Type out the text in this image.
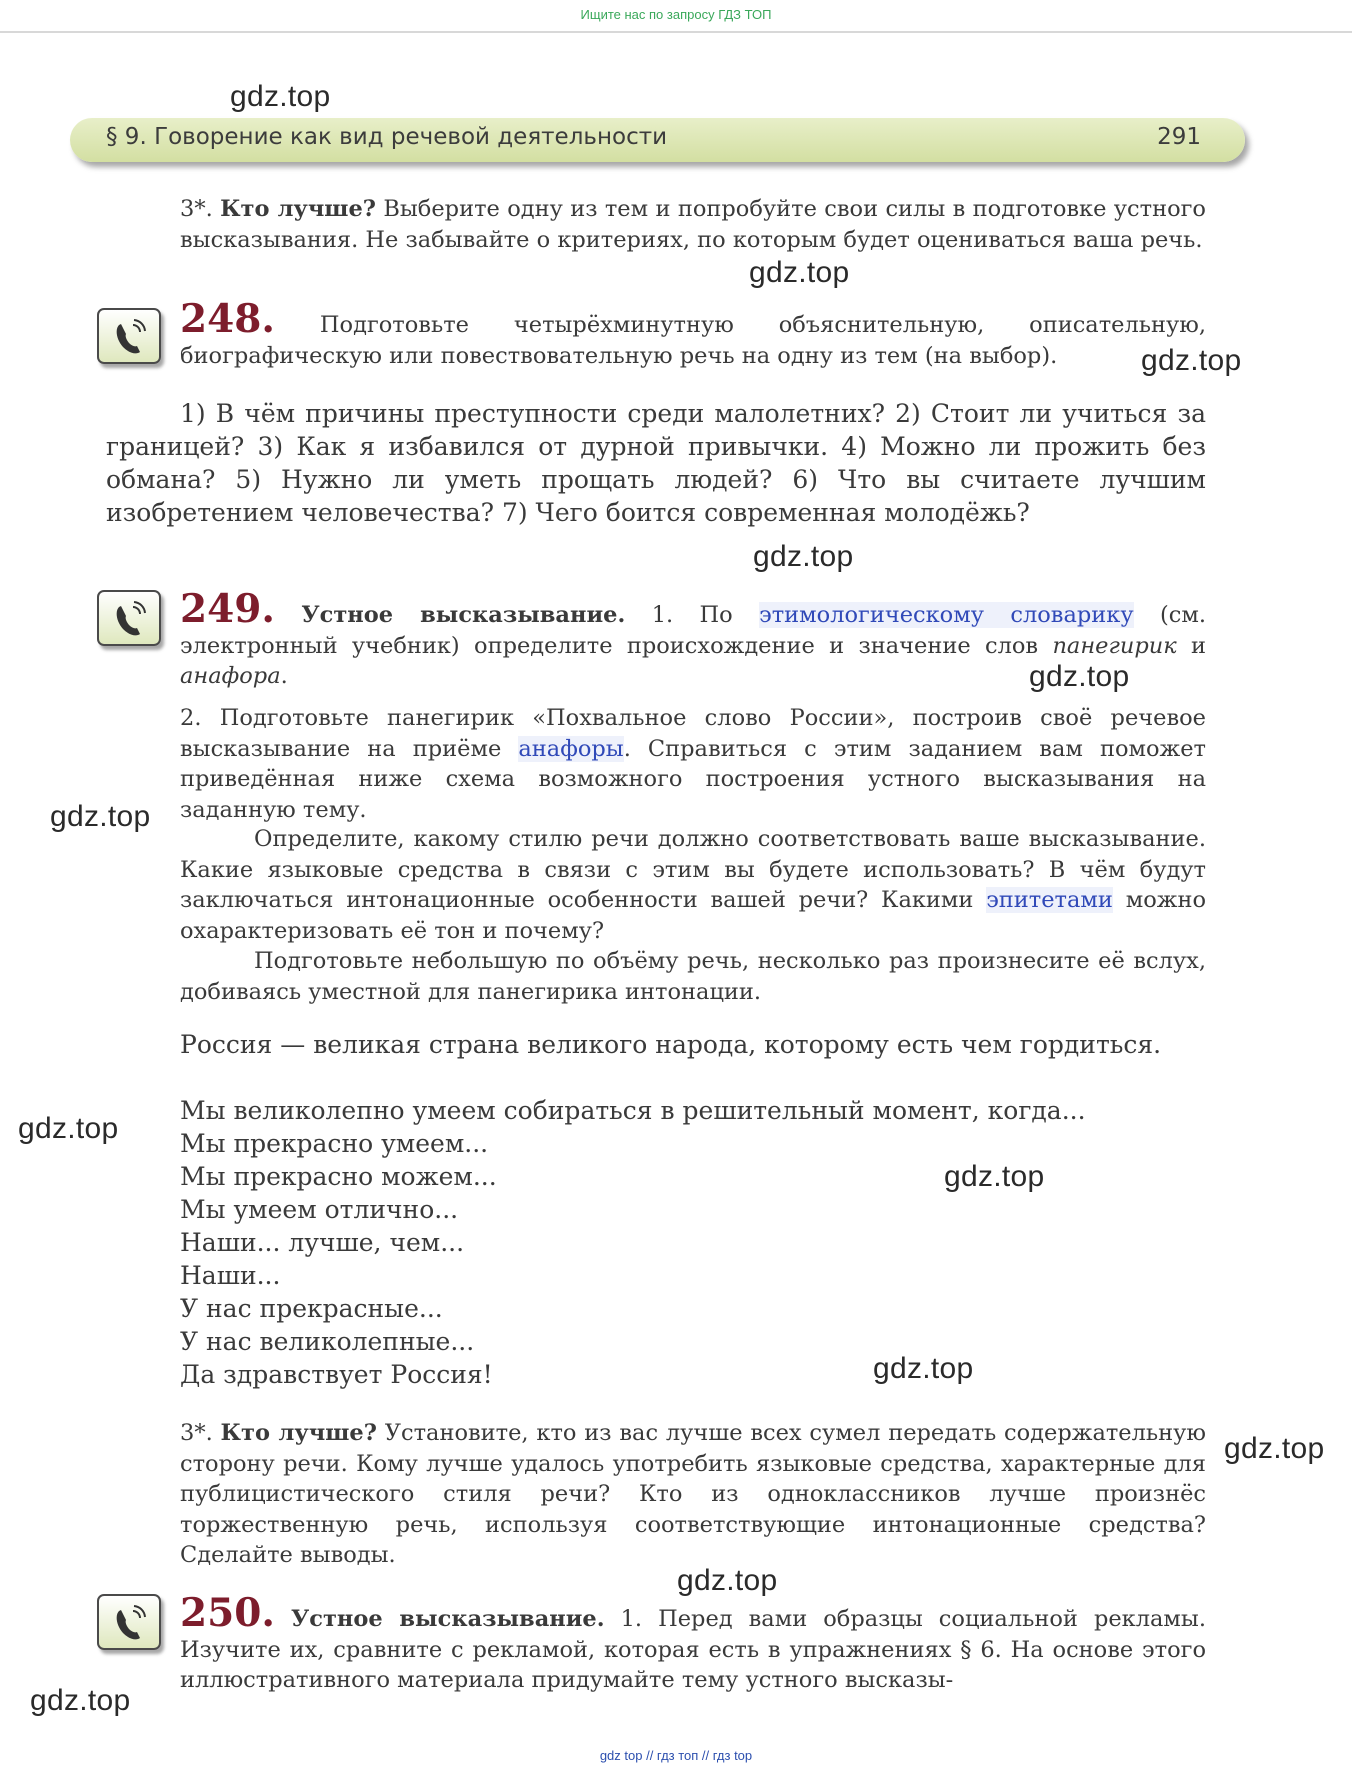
Ищите нас по запросу ГДЗ ТОП
§ 9. Говорение как вид речевой деятельности	291
3*. Кто лучше? Выберите одну из тем и попробуйте свои силы в подготовке устного высказывания. Не забывайте о критериях, по которым будет оцениваться ваша речь.
248. Подготовьте четырёхминутную объяснительную, описательную, биографическую или повествовательную речь на одну из тем (на выбор).
1) В чём причины преступности среди малолетних? 2) Стоит ли учиться за границей? 3) Как я избавился от дурной привычки. 4) Можно ли прожить без обмана? 5) Нужно ли уметь прощать людей? 6) Что вы считаете лучшим изобретением человечества? 7) Чего боится современная молодёжь?
249. Устное высказывание. 1. По этимологическому словарику (см. электронный учебник) определите происхождение и значение слов панегирик и анафора.
2. Подготовьте панегирик «Похвальное слово России», построив своё речевое высказывание на приёме анафоры. Справиться с этим заданием вам поможет приведённая ниже схема возможного построения устного высказывания на заданную тему.
Определите, какому стилю речи должно соответствовать ваше высказывание. Какие языковые средства в связи с этим вы будете использовать? В чём будут заключаться интонационные особенности вашей речи? Какими эпитетами можно охарактеризовать её тон и почему?
Подготовьте небольшую по объёму речь, несколько раз произнесите её вслух, добиваясь уместной для панегирика интонации.
Россия — великая страна великого народа, которому есть чем гордиться.
Мы великолепно умеем собираться в решительный момент, когда...
Мы прекрасно умеем...
Мы прекрасно можем...
Мы умеем отлично...
Наши... лучше, чем...
Наши...
У нас прекрасные...
У нас великолепные...
Да здравствует Россия!
3*. Кто лучше? Установите, кто из вас лучше всех сумел передать содержательную сторону речи. Кому лучше удалось употребить языковые средства, характерные для публицистического стиля речи? Кто из одноклассников лучше произнёс торжественную речь, используя соответствующие интонационные средства? Сделайте выводы.
250. Устное высказывание. 1. Перед вами образцы социальной рекламы. Изучите их, сравните с рекламой, которая есть в упражнениях § 6. На основе этого иллюстративного материала придумайте тему устного высказы-
gdz.top
gdz.top
gdz.top
gdz.top
gdz.top
gdz.top
gdz.top
gdz.top
gdz.top
gdz.top
gdz.top
gdz.top
gdz top // гдз топ // гдз top
